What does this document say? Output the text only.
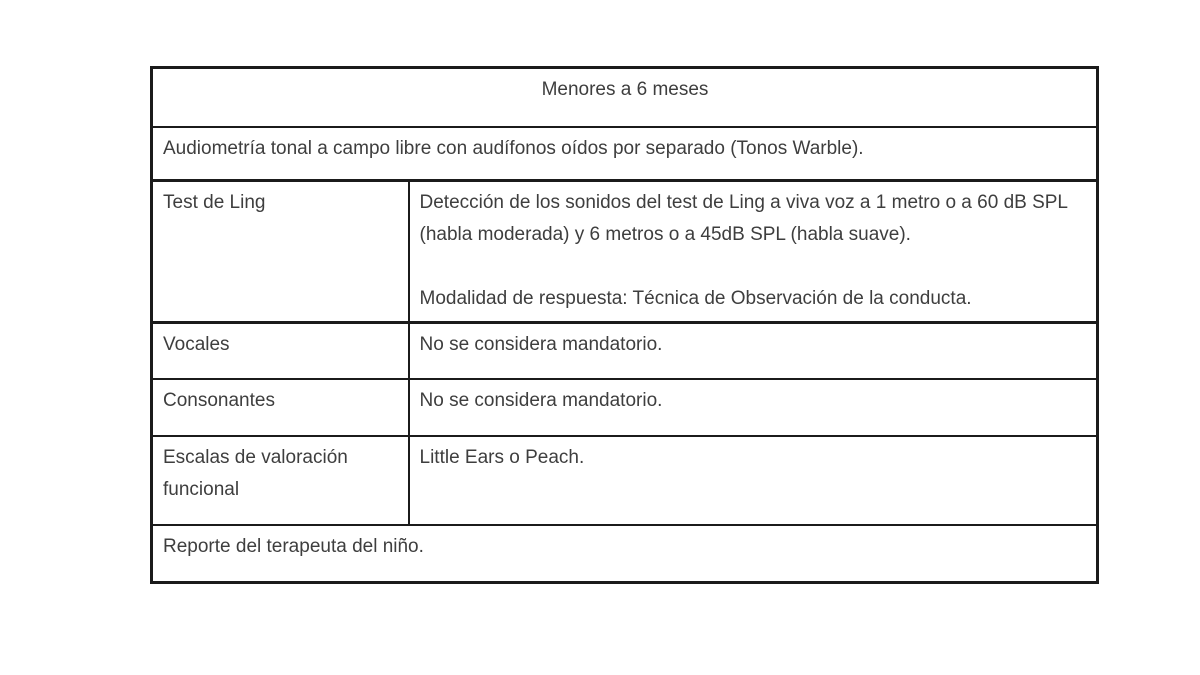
Menores a 6 meses	
Audiometría tonal a campo libre con audífonos oídos por separado (Tonos Warble).	
Test de Ling	Detección de los sonidos del test de Ling a viva voz a 1 metro o a 60 dB SPL (habla moderada) y 6 metros o a 45dB SPL (habla suave).

Modalidad de respuesta: Técnica de Observación de la conducta.

Vocales	No se considera mandatorio.
Consonantes	No se considera mandatorio.
Escalas de valoración funcional	Little Ears o Peach.
Reporte del terapeuta del niño.	
